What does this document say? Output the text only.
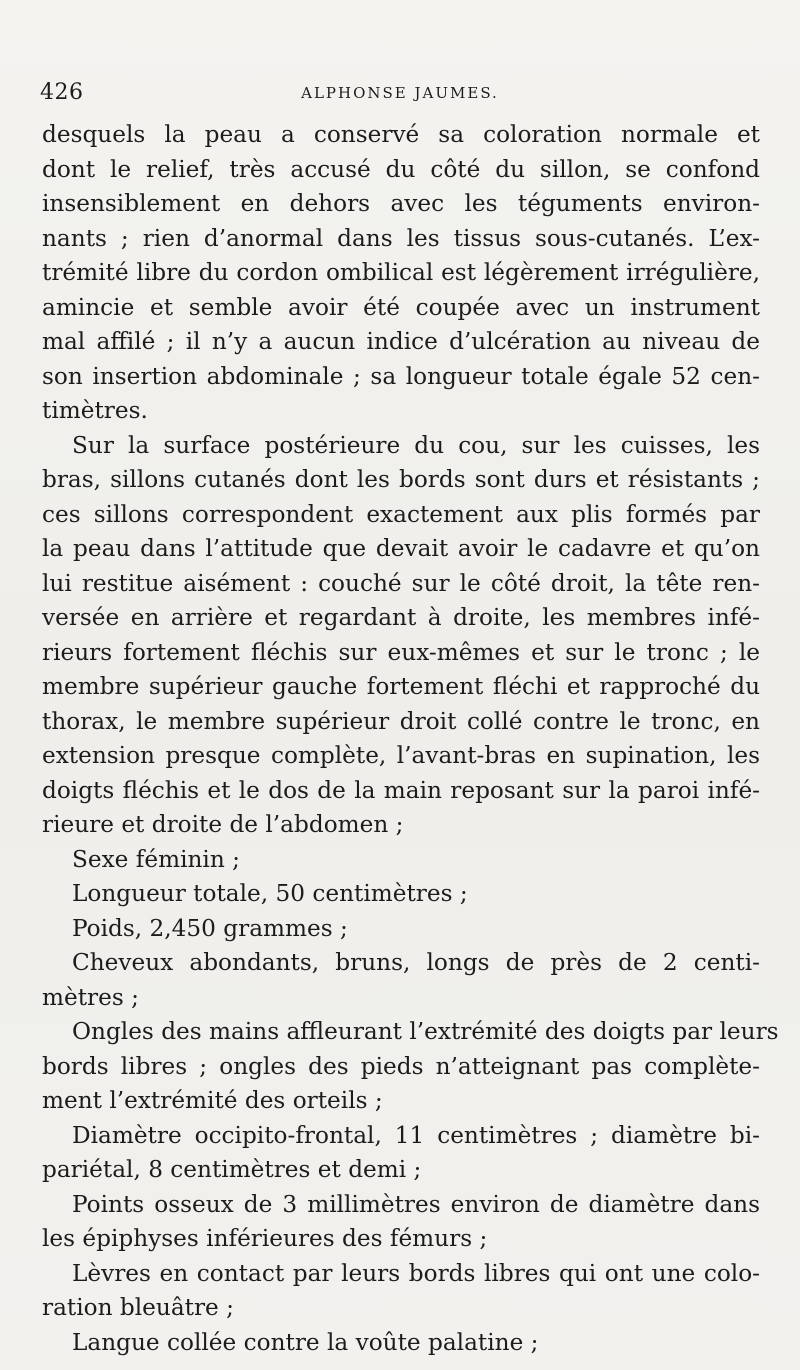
426	ALPHONSE JAUMES.
desquels la peau a conservé sa coloration normale et
dont le relief, très accusé du côté du sillon, se confond
insensiblement en dehors avec les téguments environ-
nants ; rien d’anormal dans les tissus sous-cutanés. L’ex-
trémité libre du cordon ombilical est légèrement irrégulière,
amincie et semble avoir été coupée avec un instrument
mal affilé ; il n’y a aucun indice d’ulcération au niveau de
son insertion abdominale ; sa longueur totale égale 52 cen-
timètres.
Sur la surface postérieure du cou, sur les cuisses, les
bras, sillons cutanés dont les bords sont durs et résistants ;
ces sillons correspondent exactement aux plis formés par
la peau dans l’attitude que devait avoir le cadavre et qu’on
lui restitue aisément : couché sur le côté droit, la tête ren-
versée en arrière et regardant à droite, les membres infé-
rieurs fortement fléchis sur eux-mêmes et sur le tronc ; le
membre supérieur gauche fortement fléchi et rapproché du
thorax, le membre supérieur droit collé contre le tronc, en
extension presque complète, l’avant-bras en supination, les
doigts fléchis et le dos de la main reposant sur la paroi infé-
rieure et droite de l’abdomen ;
Sexe féminin ;
Longueur totale, 50 centimètres ;
Poids, 2,450 grammes ;
Cheveux abondants, bruns, longs de près de 2 centi-
mètres ;
Ongles des mains affleurant l’extrémité des doigts par leurs
bords libres ; ongles des pieds n’atteignant pas complète-
ment l’extrémité des orteils ;
Diamètre occipito-frontal, 11 centimètres ; diamètre bi-
pariétal, 8 centimètres et demi ;
Points osseux de 3 millimètres environ de diamètre dans
les épiphyses inférieures des fémurs ;
Lèvres en contact par leurs bords libres qui ont une colo-
ration bleuâtre ;
Langue collée contre la voûte palatine ;
